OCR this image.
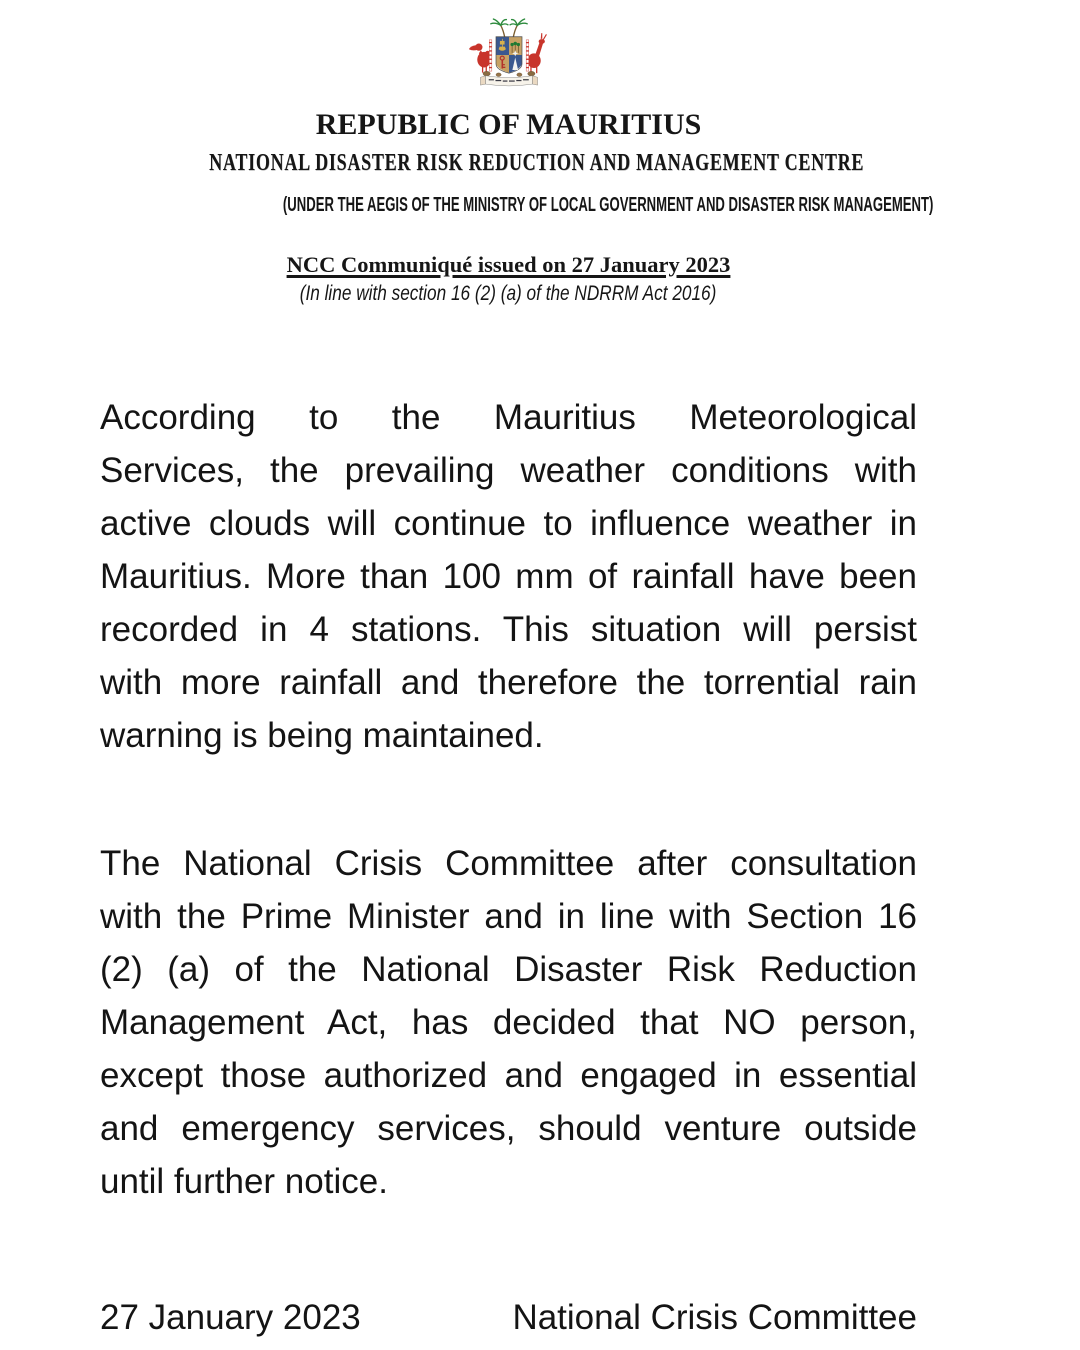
REPUBLIC OF MAURITIUS
NATIONAL DISASTER RISK REDUCTION AND MANAGEMENT CENTRE
(UNDER THE AEGIS OF THE MINISTRY OF LOCAL GOVERNMENT AND DISASTER RISK MANAGEMENT)
NCC Communiqué issued on 27 January 2023
(In line with section 16 (2) (a) of the NDRRM Act 2016)
According to the Mauritius Meteorological
Services, the prevailing weather conditions with
active clouds will continue to influence weather in
Mauritius. More than 100 mm of rainfall have been
recorded in 4 stations. This situation will persist
with more rainfall and therefore the torrential rain
warning is being maintained.
The National Crisis Committee after consultation
with the Prime Minister and in line with Section 16
(2) (a) of the National Disaster Risk Reduction
Management Act, has decided that NO person,
except those authorized and engaged in essential
and emergency services, should venture outside
until further notice.
27 January 2023	National Crisis Committee
